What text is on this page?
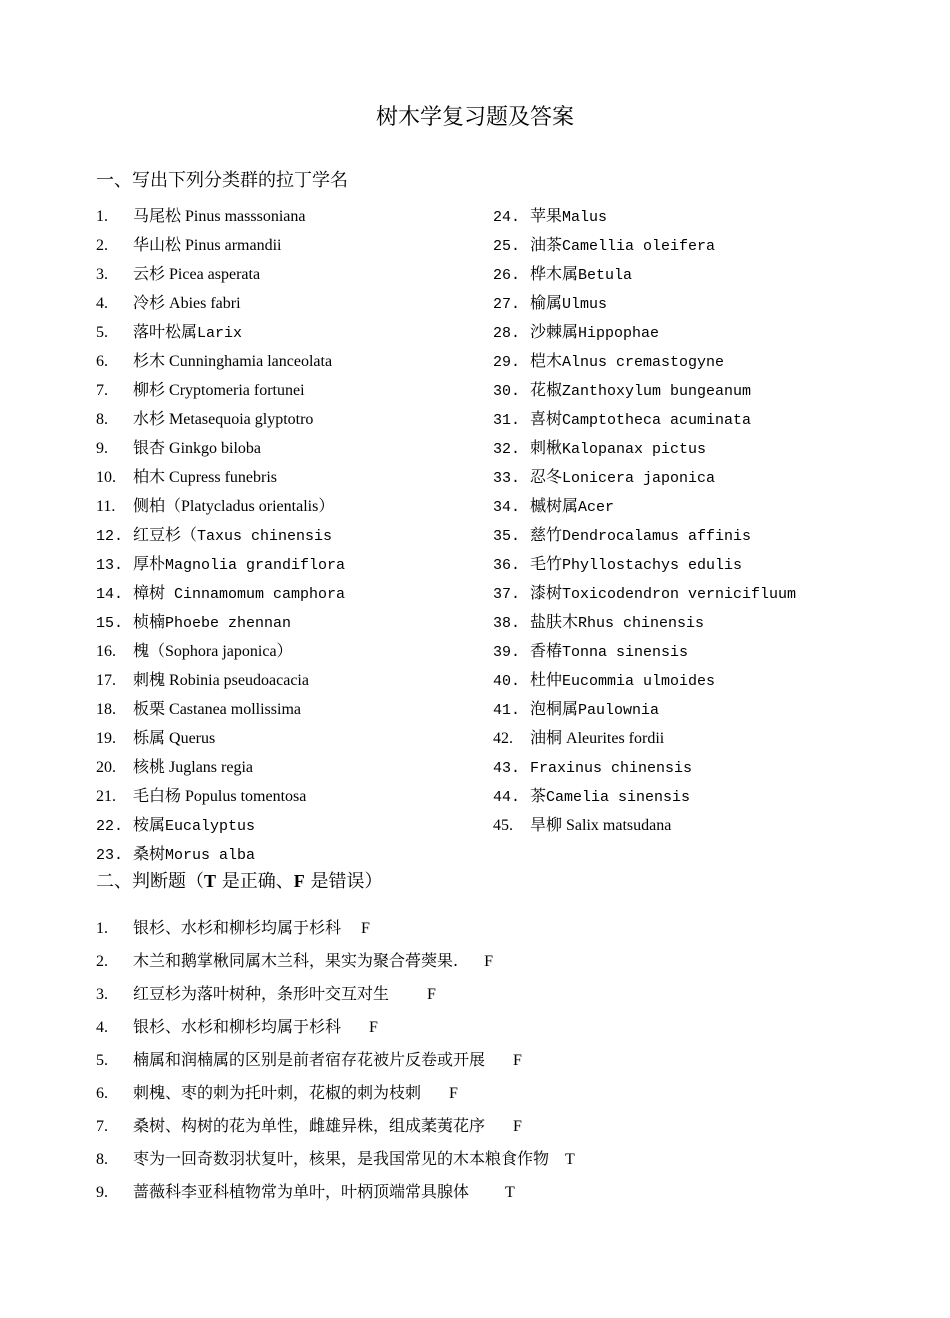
树木学复习题及答案
一、写出下列分类群的拉丁学名
1. 马尾松 Pinus masssoniana
2. 华山松 Pinus armandii
3. 云杉 Picea asperata
4. 冷杉 Abies fabri
5. 落叶松属Larix
6. 杉木 Cunninghamia lanceolata
7. 柳杉 Cryptomeria fortunei
8. 水杉 Metasequoia glyptotro
9. 银杏 Ginkgo biloba
10. 柏木 Cupress funebris
11. 侧柏（Platycladus orientalis）
12. 红豆杉（Taxus chinensis
13. 厚朴Magnolia grandiflora
14. 樟树 Cinnamomum camphora
15. 桢楠Phoebe zhennan
16. 槐（Sophora japonica）
17. 刺槐 Robinia pseudoacacia
18. 板栗 Castanea mollissima
19. 栎属 Querus
20. 核桃 Juglans regia
21. 毛白杨 Populus tomentosa
22. 桉属Eucalyptus
23. 桑树Morus alba
24. 苹果Malus
25. 油茶Camellia oleifera
26. 桦木属Betula
27. 榆属Ulmus
28. 沙棘属Hippophae
29. 桤木Alnus cremastogyne
30. 花椒Zanthoxylum bungeanum
31. 喜树Camptotheca acuminata
32. 刺楸Kalopanax pictus
33. 忍冬Lonicera japonica
34. 槭树属Acer
35. 慈竹Dendrocalamus affinis
36. 毛竹Phyllostachys edulis
37. 漆树Toxicodendron vernicifluum
38. 盐肤木Rhus chinensis
39. 香椿Tonna sinensis
40. 杜仲Eucommia ulmoides
41. 泡桐属Paulownia
42. 油桐 Aleurites fordii
43. Fraxinus chinensis
44. 茶Camelia sinensis
45. 旱柳 Salix matsudana
二、判断题（T 是正确、F 是错误）
1. 银杉、水杉和柳杉均属于杉科 F
2. 木兰和鹅掌楸同属木兰科，果实为聚合蓇葖果. F
3. 红豆杉为落叶树种，条形叶交互对生 F
4. 银杉、水杉和柳杉均属于杉科 F
5. 楠属和润楠属的区别是前者宿存花被片反卷或开展 F
6. 刺槐、枣的刺为托叶刺，花椒的刺为枝刺 F
7. 桑树、构树的花为单性，雌雄异株，组成葇荑花序 F
8. 枣为一回奇数羽状复叶，核果，是我国常见的木本粮食作物 T
9. 蔷薇科李亚科植物常为单叶，叶柄顶端常具腺体 T
